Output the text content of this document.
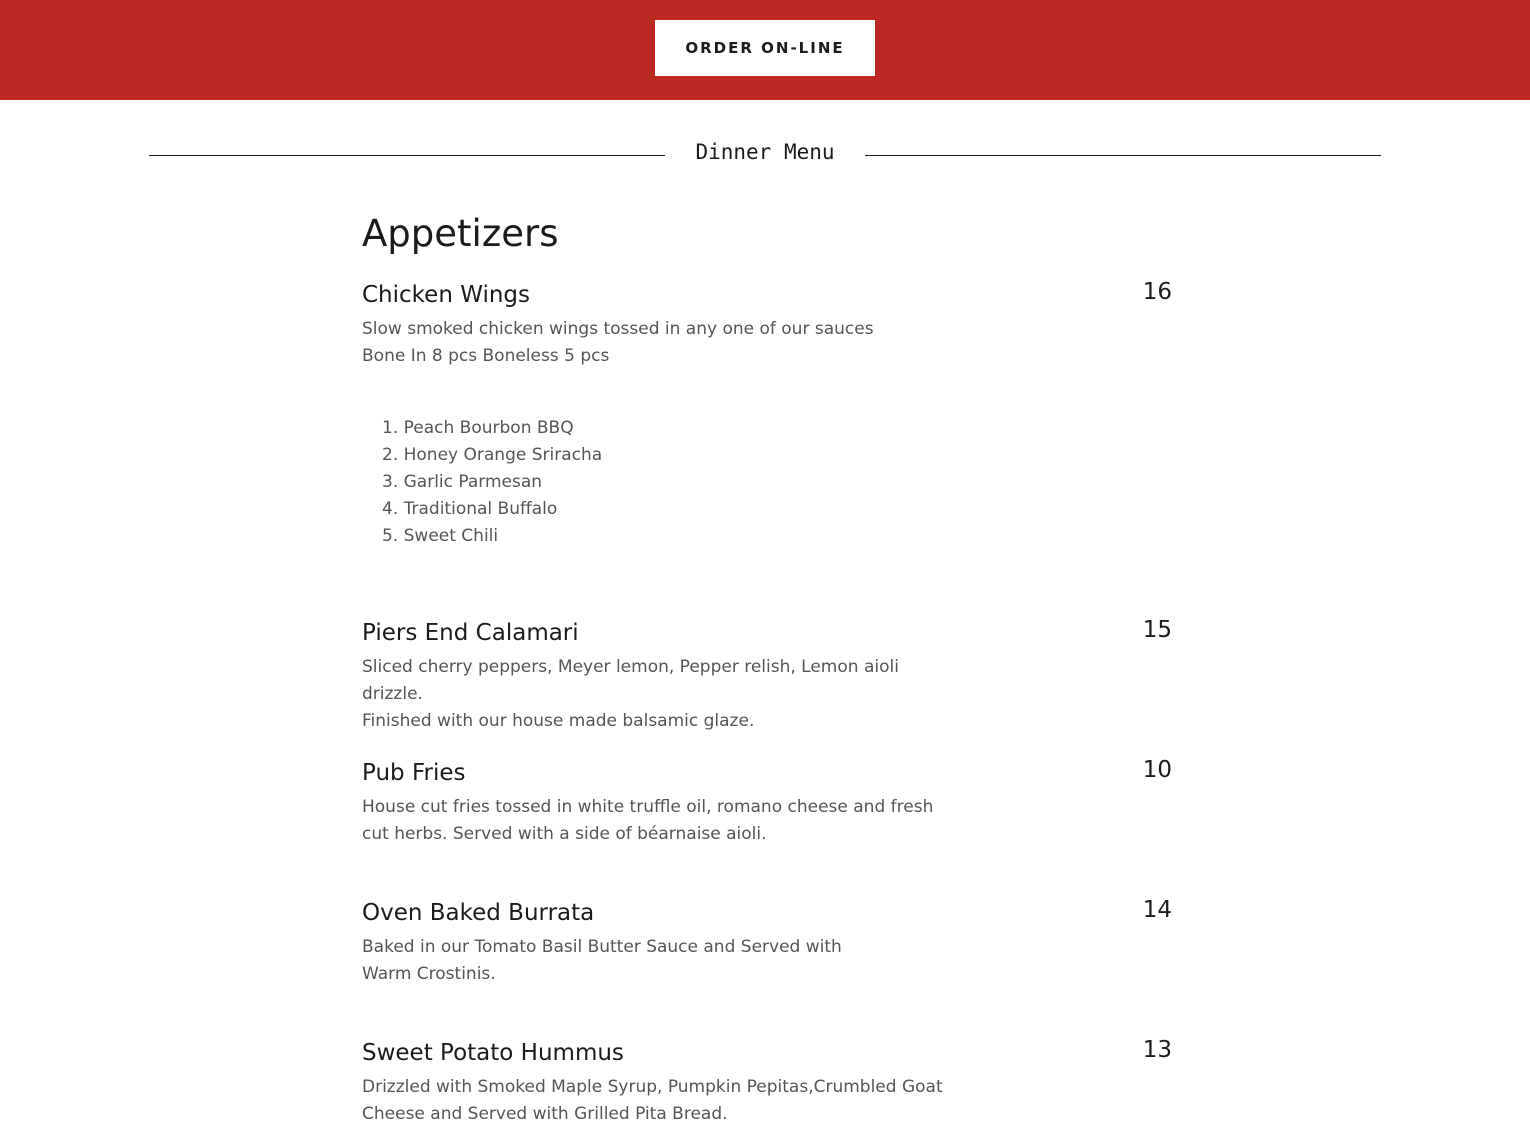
ORDER ON-LINE
Dinner Menu
Appetizers
Chicken Wings	16

Slow smoked chicken wings tossed in any one of our sauces
Bone In 8 pcs Boneless 5 pcs

1. Peach Bourbon BBQ
2. Honey Orange Sriracha
3. Garlic Parmesan
4. Traditional Buffalo
5. Sweet Chili
Piers End Calamari	15

Sliced cherry peppers, Meyer lemon, Pepper relish, Lemon aioli drizzle.
Finished with our house made balsamic glaze.

Pub Fries	10

House cut fries tossed in white truffle oil, romano cheese and fresh
cut herbs. Served with a side of béarnaise aioli.

Oven Baked Burrata	14

Baked in our Tomato Basil Butter Sauce and Served with
Warm Crostinis.

Sweet Potato Hummus	13

Drizzled with Smoked Maple Syrup, Pumpkin Pepitas,Crumbled Goat
Cheese and Served with Grilled Pita Bread.
